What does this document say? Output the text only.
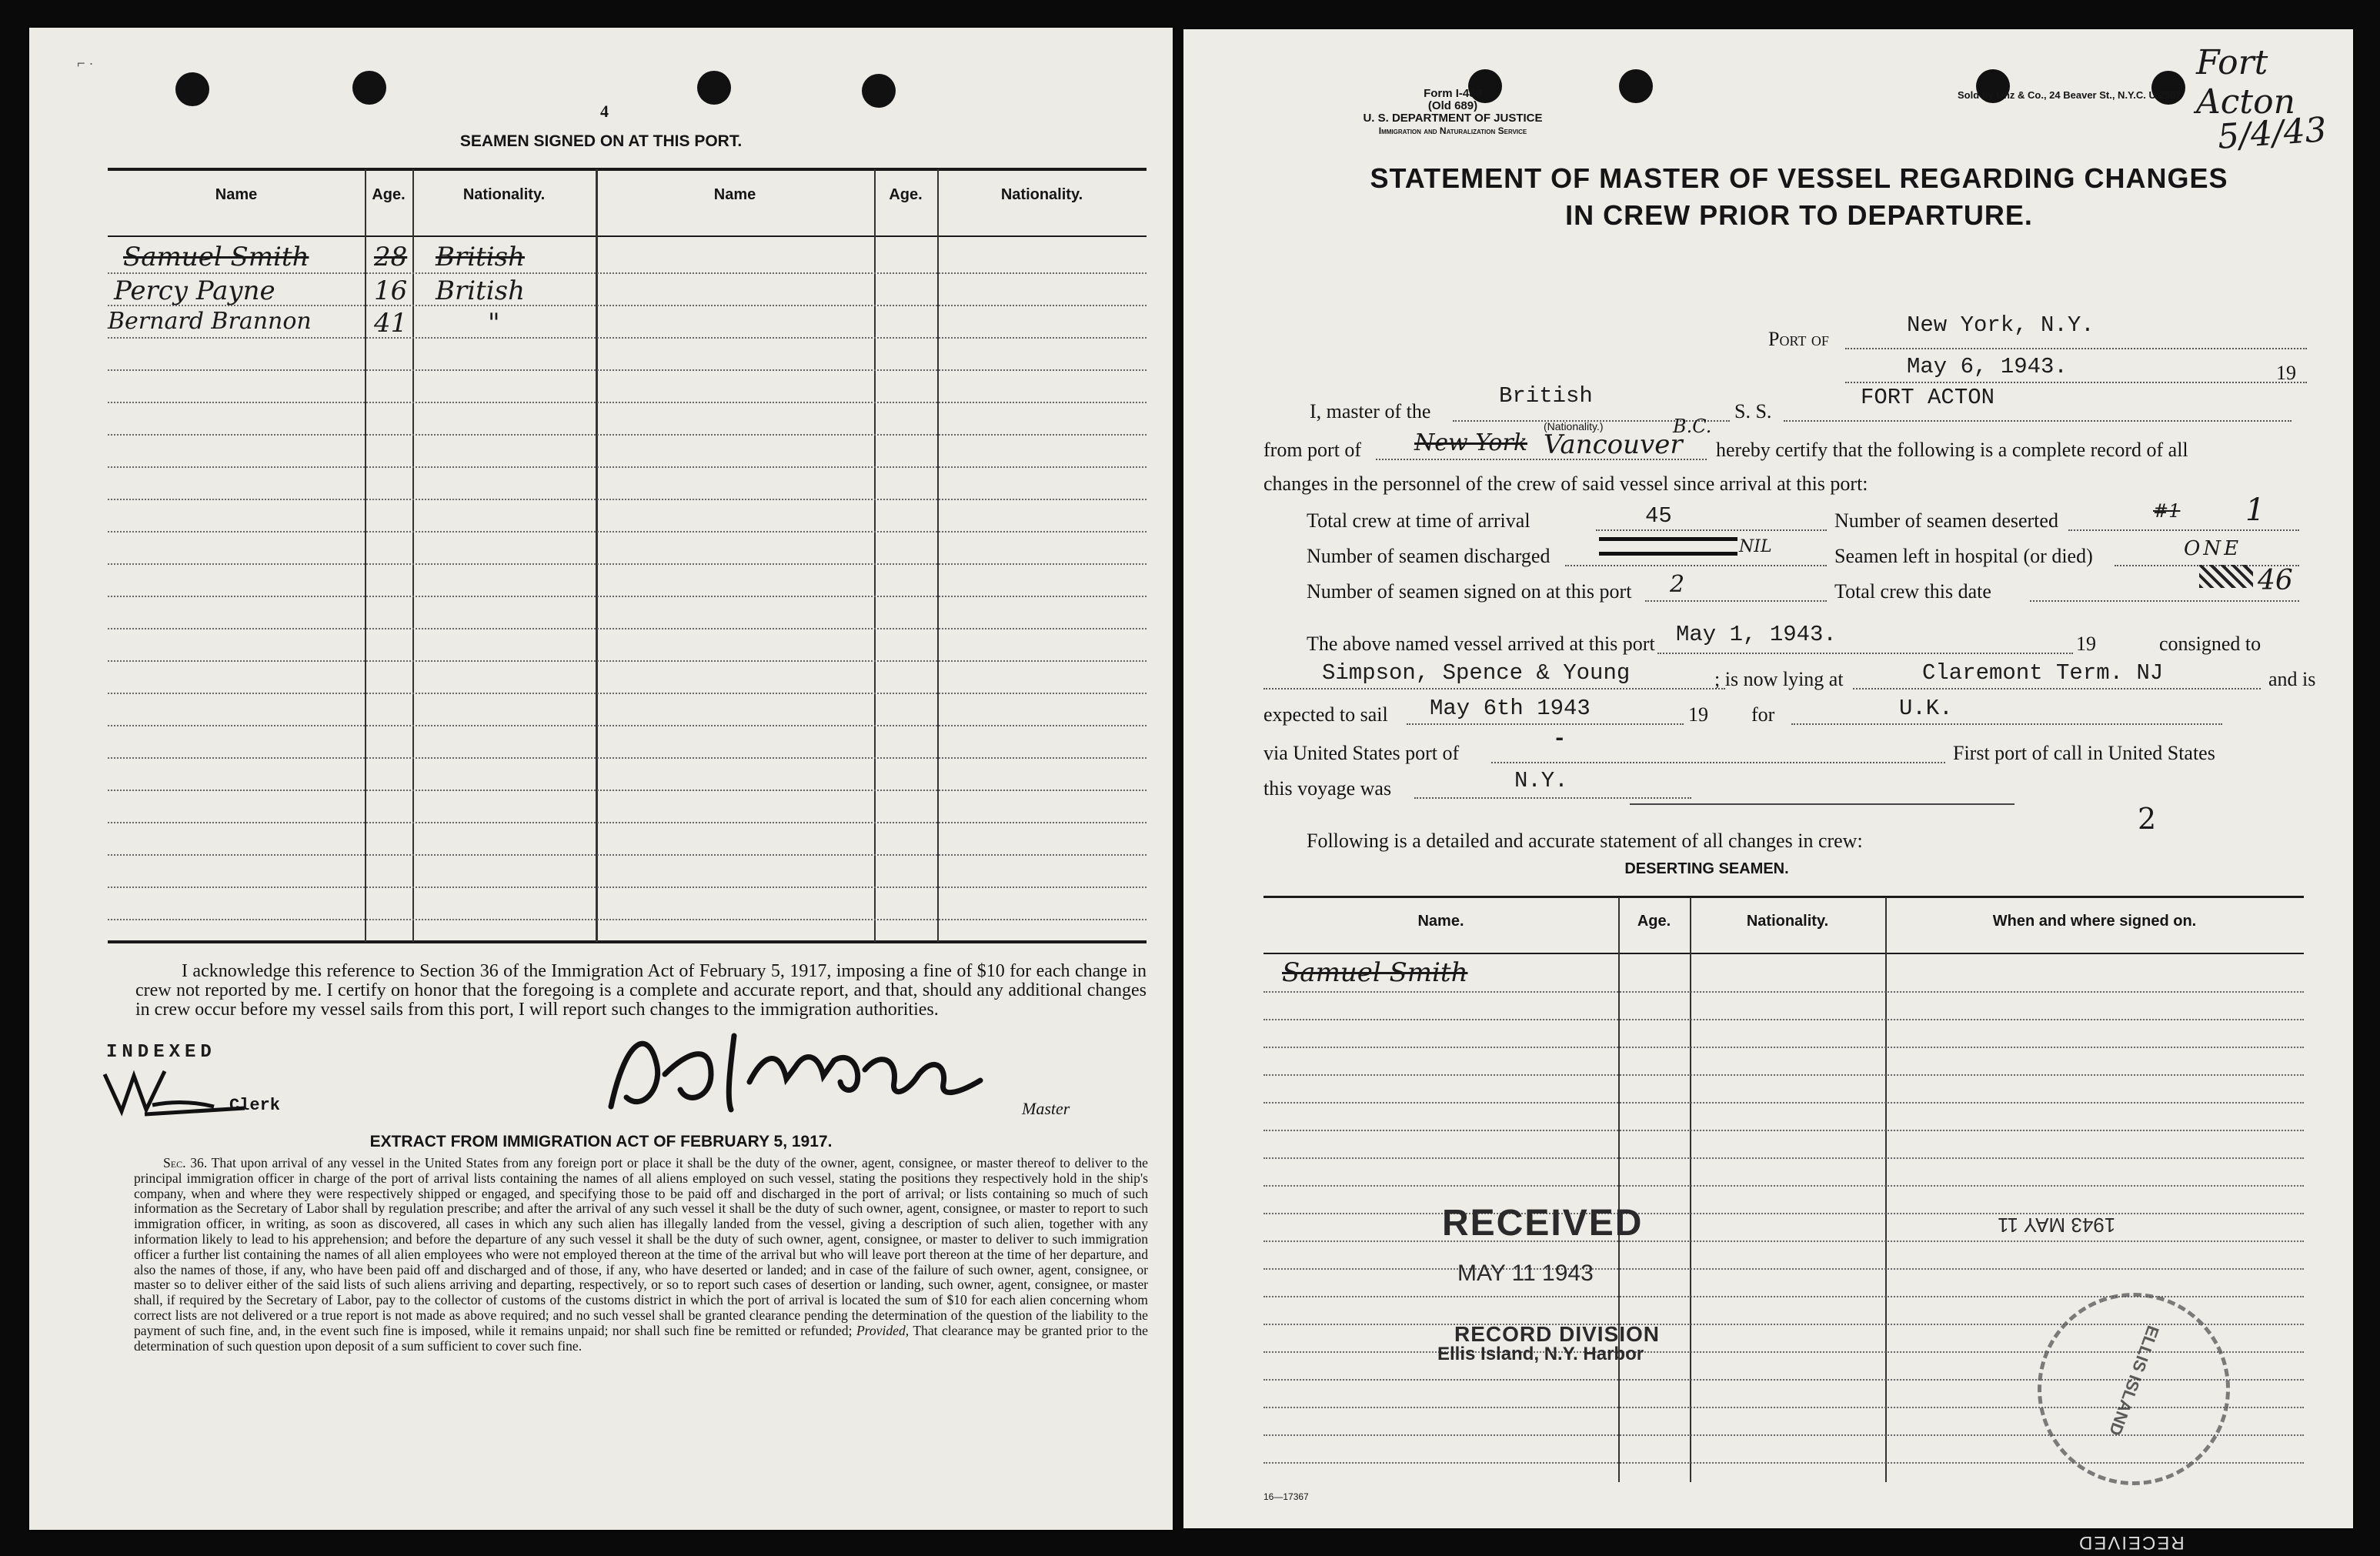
⌐ ·
4
SEAMEN SIGNED ON AT THIS PORT.
Name	Age.	Nationality.	Name	Age.	Nationality.
Samuel Smith 28 British
Percy Payne	16 British
Bernard Brannon 41	"
I acknowledge this reference to Section 36 of the Immigration Act of February 5, 1917, imposing a fine of $10 for each change in crew not reported by me. I certify on honor that the foregoing is a complete and accurate report, and that, should any additional changes in crew occur before my vessel sails from this port, I will report such changes to the immigration authorities.
INDEXED
Clerk	Master
EXTRACT FROM IMMIGRATION ACT OF FEBRUARY 5, 1917.
Sec. 36. That upon arrival of any vessel in the United States from any foreign port or place it shall be the duty of the owner, agent, consignee, or master thereof to deliver to the principal immigration officer in charge of the port of arrival lists containing the names of all aliens employed on such vessel, stating the positions they respectively hold in the ship's company, when and where they were respectively shipped or engaged, and specifying those to be paid off and discharged in the port of arrival; or lists containing so much of such information as the Secretary of Labor shall by regulation prescribe; and after the arrival of any such vessel it shall be the duty of such owner, agent, consignee, or master to report to such immigration officer, in writing, as soon as discovered, all cases in which any such alien has illegally landed from the vessel, giving a description of such alien, together with any information likely to lead to his apprehension; and before the departure of any such vessel it shall be the duty of such owner, agent, consignee, or master to deliver to such immigration officer a further list containing the names of all alien employees who were not employed thereon at the time of the arrival but who will leave port thereon at the time of her departure, and also the names of those, if any, who have been paid off and discharged and of those, if any, who have deserted or landed; and in case of the failure of such owner, agent, consignee, or master so to deliver either of the said lists of such aliens arriving and departing, respectively, or so to report such cases of desertion or landing, such owner, agent, consignee, or master shall, if required by the Secretary of Labor, pay to the collector of customs of the customs district in which the port of arrival is located the sum of $10 for each alien concerning whom correct lists are not delivered or a true report is not made as above required; and no such vessel shall be granted clearance pending the determination of the question of the liability to the payment of such fine, and, in the event such fine is imposed, while it remains unpaid; nor shall such fine be remitted or refunded; Provided, That clearance may be granted prior to the determination of such question upon deposit of a sum sufficient to cover such fine.
Form I-489
(Old 689)
U. S. DEPARTMENT OF JUSTICE
Immigration and Naturalization Service
Sold by Unz & Co., 24 Beaver St., N.Y.C. U 2507
Fort Acton
5/4/43
STATEMENT OF MASTER OF VESSEL REGARDING CHANGES
IN CREW PRIOR TO DEPARTURE.
Port of
New York, N.Y.
May 6, 1943.	19
I, master of the
British
(Nationality.)
S. S.
FORT ACTON
from port of New York Vancouver
B.C.
hereby certify that the following is a complete record of all
changes in the personnel of the crew of said vessel since arrival at this port:
Total crew at time of arrival	45	Number of seamen deserted	#1 1
Number of seamen discharged	NIL	Seamen left in hospital (or died)	ONE
Number of seamen signed on at this port 2	Total crew this date	46
The above named vessel arrived at this port May 1, 1943.	19	consigned to
Simpson, Spence & Young	; is now lying at	Claremont Term. NJ	and is
expected to sail May 6th 1943	19 for	U.K.
via United States port of
-
First port of call in United States
this voyage was	N.Y.
2
Following is a detailed and accurate statement of all changes in crew:
DESERTING SEAMEN.
Name.	Age.	Nationality.	When and where signed on.
Samuel Smith
RECEIVED
MAY 11 1943
RECORD DIVISION
Ellis Island, N.Y. Harbor
1943 MAY 11
ELLIS ISLAND
16—17367
RECEIVED
